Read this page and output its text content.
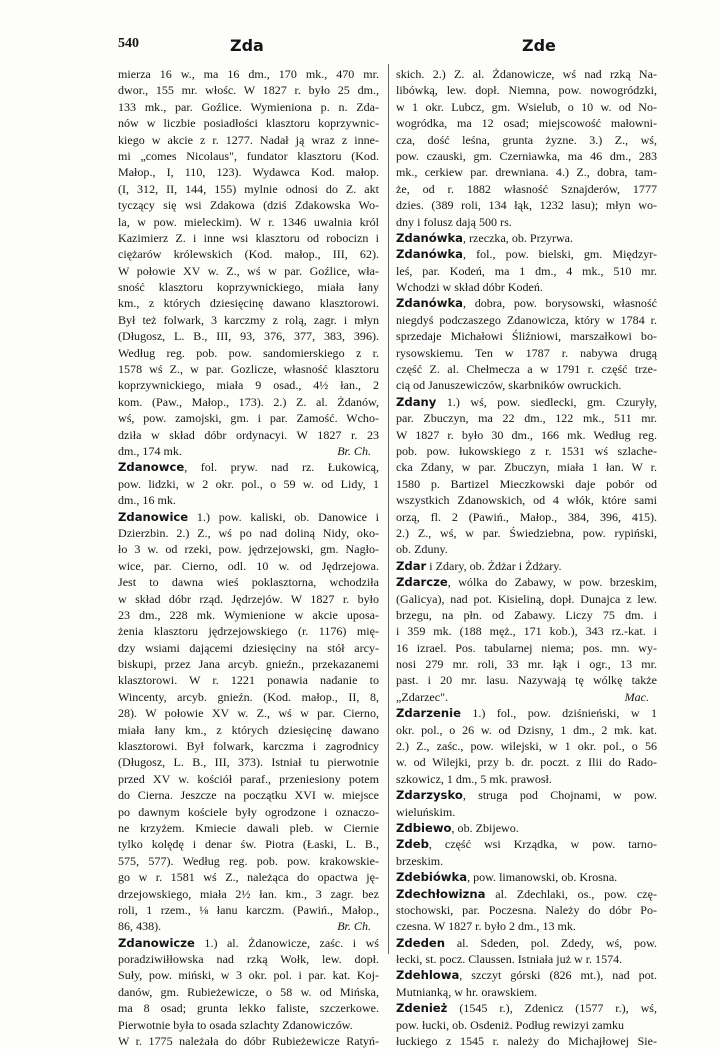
540	Zda	Zde
mierza 16 w., ma 16 dm., 170 mk., 470 mr.
dwor., 155 mr. włośc. W 1827 r. było 25 dm.,
133 mk., par. Goźlice. Wymieniona p. n. Zda-
nów w liczbie posiadłości klasztoru koprzywnic-
kiego w akcie z r. 1277. Nadał ją wraz z inne-
mi „comes Nicolaus", fundator klasztoru (Kod.
Małop., I, 110, 123). Wydawca Kod. małop.
(I, 312, II, 144, 155) mylnie odnosi do Z. akt
tyczący się wsi Zdakowa (dziś Zdakowska Wo-
la, w pow. mieleckim). W r. 1346 uwalnia król
Kazimierz Z. i inne wsi klasztoru od robocizn i
ciężarów królewskich (Kod. małop., III, 62).
W połowie XV w. Z., wś w par. Goźlice, wła-
sność klasztoru koprzywnickiego, miała łany
km., z których dziesięcinę dawano klasztorowi.
Był też folwark, 3 karczmy z rolą, zagr. i młyn
(Długosz, L. B., III, 93, 376, 377, 383, 396).
Według reg. pob. pow. sandomierskiego z r.
1578 wś Z., w par. Gozlicze, własność klasztoru
koprzywnickiego, miała 9 osad., 4½ łan., 2
kom. (Paw., Małop., 173). 2.) Z. al. Żdanów,
wś, pow. zamojski, gm. i par. Zamość. Wcho-
dziła w skład dóbr ordynacyi. W 1827 r. 23
dm., 174 mk.	Br. Ch.
Zdanowce, fol. pryw. nad rz. Łukowicą,
pow. lidzki, w 2 okr. pol., o 59 w. od Lidy, 1
dm., 16 mk.
Zdanowice 1.) pow. kaliski, ob. Danowice i
Dzierzbin. 2.) Z., wś po nad doliną Nidy, oko-
ło 3 w. od rzeki, pow. jędrzejowski, gm. Nagło-
wice, par. Cierno, odl. 10 w. od Jędrzejowa.
Jest to dawna wieś poklasztorna, wchodziła
w skład dóbr rząd. Jędrzejów. W 1827 r. było
23 dm., 228 mk. Wymienione w akcie uposa-
żenia klasztoru jędrzejowskiego (r. 1176) mię-
dzy wsiami dającemi dziesięciny na stół arcy-
biskupi, przez Jana arcyb. gnieźn., przekazanemi
klasztorowi. W r. 1221 ponawia nadanie to
Wincenty, arcyb. gnieźn. (Kod. małop., II, 8,
28). W połowie XV w. Z., wś w par. Cierno,
miała łany km., z których dziesięcinę dawano
klasztorowi. Był folwark, karczma i zagrodnicy
(Długosz, L. B., III, 373). Istniał tu pierwotnie
przed XV w. kościół paraf., przeniesiony potem
do Cierna. Jeszcze na początku XVI w. miejsce
po dawnym kościele były ogrodzone i oznaczo-
ne krzyżem. Kmiecie dawali pleb. w Ciernie
tylko kolędę i denar św. Piotra (Łaski, L. B.,
575, 577). Według reg. pob. pow. krakowskie-
go w r. 1581 wś Z., należąca do opactwa ję-
drzejowskiego, miała 2½ łan. km., 3 zagr. bez
roli, 1 rzem., ⅛ łanu karczm. (Pawiń., Małop.,
86, 438).	Br. Ch.
Zdanowicze 1.) al. Żdanowicze, zaśc. i wś
poradziwiłłowska nad rzką Wołk, lew. dopł.
Suły, pow. miński, w 3 okr. pol. i par. kat. Koj-
danów, gm. Rubieżewicze, o 58 w. od Mińska,
ma 8 osad; grunta lekko faliste, szczerkowe.
Pierwotnie była to osada szlachty Zdanowiczów.
W r. 1775 należała do dóbr Rubieżewicze Ratyń-
skich. 2.) Z. al. Żdanowicze, wś nad rzką Na-
libówką, lew. dopł. Niemna, pow. nowogródzki,
w 1 okr. Lubcz, gm. Wsielub, o 10 w. od No-
wogródka, ma 12 osad; miejscowość małowni-
cza, dość leśna, grunta żyzne. 3.) Z., wś,
pow. czauski, gm. Czerniawka, ma 46 dm., 283
mk., cerkiew par. drewniana. 4.) Z., dobra, tam-
że, od r. 1882 własność Sznajderów, 1777
dzies. (389 roli, 134 łąk, 1232 lasu); młyn wo-
dny i folusz dają 500 rs.
Zdanówka, rzeczka, ob. Przyrwa.
Zdanówka, fol., pow. bielski, gm. Międzyr-
leś, par. Kodeń, ma 1 dm., 4 mk., 510 mr.
Wchodzi w skład dóbr Kodeń.
Zdanówka, dobra, pow. borysowski, własność
niegdyś podczaszego Zdanowicza, który w 1784 r.
sprzedaje Michałowi Śliźniowi, marszałkowi bo-
rysowskiemu. Ten w 1787 r. nabywa drugą
część Z. al. Chełmecza a w 1791 r. część trze-
cią od Januszewiczów, skarbników owruckich.
Zdany 1.) wś, pow. siedlecki, gm. Czuryły,
par. Zbuczyn, ma 22 dm., 122 mk., 511 mr.
W 1827 r. było 30 dm., 166 mk. Według reg.
pob. pow. łukowskiego z r. 1531 wś szlache-
cka Zdany, w par. Zbuczyn, miała 1 łan. W r.
1580 p. Bartizel Mieczkowski daje pobór od
wszystkich Zdanowskich, od 4 włók, które sami
orzą, fl. 2 (Pawiń., Małop., 384, 396, 415).
2.) Z., wś, w par. Świedziebna, pow. rypiński,
ob. Zduny.
Zdar i Zdary, ob. Żdżar i Żdżary.
Zdarcze, wólka do Zabawy, w pow. brzeskim,
(Galicya), nad pot. Kisieliną, dopł. Dunajca z lew.
brzegu, na płn. od Zabawy. Liczy 75 dm. i
i 359 mk. (188 męż., 171 kob.), 343 rz.-kat. i
16 izrael. Pos. tabularnej niema; pos. mn. wy-
nosi 279 mr. roli, 33 mr. łąk i ogr., 13 mr.
past. i 20 mr. lasu. Nazywają tę wólkę także
„Zdarzec".	Mac.
Zdarzenie 1.) fol., pow. dziśnieński, w 1
okr. pol., o 26 w. od Dzisny, 1 dm., 2 mk. kat.
2.) Z., zaśc., pow. wilejski, w 1 okr. pol., o 56
w. od Wilejki, przy b. dr. poczt. z Ilii do Rado-
szkowicz, 1 dm., 5 mk. prawosł.
Zdarzysko, struga pod Chojnami, w pow.
wieluńskim.
Zdbiewo, ob. Zbijewo.
Zdeb, część wsi Krządka, w pow. tarno-
brzeskim.
Zdebiówka, pow. limanowski, ob. Krosna.
Zdechłowizna al. Zdechlaki, os., pow. czę-
stochowski, par. Poczesna. Należy do dóbr Po-
czesna. W 1827 r. było 2 dm., 13 mk.
Zdeden al. Sdeden, pol. Zdedy, wś, pow.
łecki, st. pocz. Claussen. Istniała już w r. 1574.
Zdehlowa, szczyt górski (826 mt.), nad pot.
Mutnianką, w hr. orawskiem.
Zdenież (1545 r.), Zdenicz (1577 r.), wś,
pow. łucki, ob. Osdeniż. Podług rewizyi zamku
łuckiego z 1545 r. należy do Michajłowej Sie-
